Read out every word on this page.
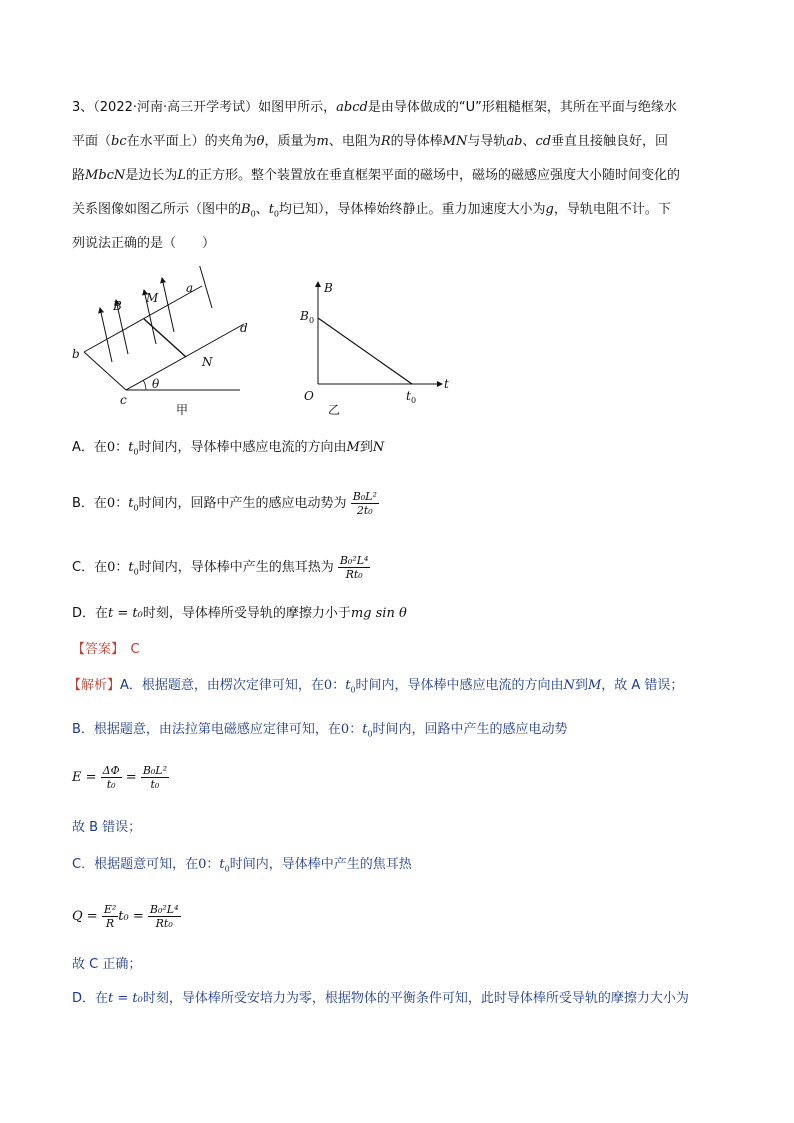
3、（2022·河南·高三开学考试）如图甲所示，abcd是由导体做成的“U”形粗糙框架，其所在平面与绝缘水
平面（bc在水平面上）的夹角为θ，质量为m、电阻为R的导体棒MN与导轨ab、cd垂直且接触良好，回
路MbcN是边长为L的正方形。整个装置放在垂直框架平面的磁场中，磁场的磁感应强度大小随时间变化的
关系图像如图乙所示（图中的$B_0$、$t_0$均已知），导体棒始终静止。重力加速度大小为g，导轨电阻不计。下
列说法正确的是（　　）
B
M
a
b
N
d
c
θ
甲
B
t
O
B 0
t 0
乙
A．在0：$t_0$时间内，导体棒中感应电流的方向由M到N
B．在0：$t_0$时间内，回路中产生的感应电动势为 $\frac{\text{B₀L²}}{\text{2t₀}}$
C．在0：$t_0$时间内，导体棒中产生的焦耳热为 $\frac{\text{B₀²L⁴}}{\text{Rt₀}}$
D．在t = t₀时刻，导体棒所受导轨的摩擦力小于mg sin θ
【答案】　 C
【解析】A．根据题意，由楞次定律可知，在0：$t_0$时间内，导体棒中感应电流的方向由N到M，故 A 错误；
B．根据题意，由法拉第电磁感应定律可知，在0：$t_0$时间内，回路中产生的感应电动势
$E = \frac{\Delta\Phi}{\text{t₀}} = \frac{\text{B₀L²}}{\text{t₀}}$
故 B 错误；
C．根据题意可知，在0：$t_0$时间内，导体棒中产生的焦耳热
$Q = \frac{\text{E²}}{R} t_0 = \frac{\text{B₀²L⁴}}{\text{Rt₀}}$
故 C 正确；
D．在t = t₀时刻，导体棒所受安培力为零，根据物体的平衡条件可知，此时导体棒所受导轨的摩擦力大小为
